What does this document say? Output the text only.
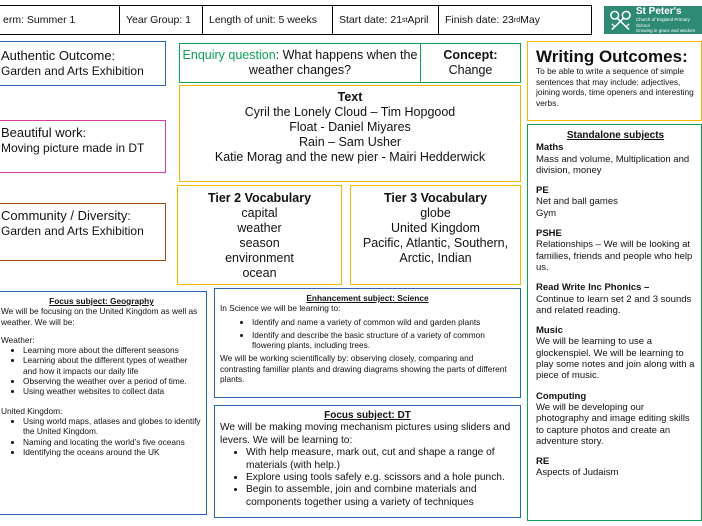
erm: Summer 1	Year Group: 1	Length of unit: 5 weeks	Start date: 21 st April Finish date: 23 rd May
St Peter's
Church of England Primary School
Growing in grace and wisdom
Authentic Outcome:
Garden and Arts Exhibition
Beautiful work:
Moving picture made in DT
Community / Diversity:
Garden and Arts Exhibition
Enquiry question: What happens when the weather changes?
Concept:
Change
Text
Cyril the Lonely Cloud – Tim Hopgood
Float - Daniel Miyares
Rain – Sam Usher
Katie Morag and the new pier - Mairi Hedderwick
Tier 2 Vocabulary
capital
weather
season
environment
ocean
Tier 3 Vocabulary
globe
United Kingdom
Pacific, Atlantic, Southern,
Arctic, Indian
Focus subject: Geography

We will be focusing on the United Kingdom as well as weather. We will be:

Weather:

• Learning more about the different seasons
• Learning about the different types of weather and how it impacts our daily life
• Observing the weather over a period of time.
• Using weather websites to collect data

United Kingdom:

• Using world maps, atlases and globes to identify the United Kingdom.
• Naming and locating the world’s five oceans
• Identifying the oceans around the UK
Enhancement subject: Science

In Science we will be learning to:

• Identify and name a variety of common wild and garden plants
• Identify and describe the basic structure of a variety of common flowering plants, including trees.

We will be working scientifically by: observing closely, comparing and contrasting familiar plants and drawing diagrams showing the parts of different plants.

Focus subject: DT

We will be making moving mechanism pictures using sliders and levers. We will be learning to:

• With help measure, mark out, cut and shape a range of materials (with help.)
• Explore using tools safely e.g. scissors and a hole punch.
• Begin to assemble, join and combine materials and components together using a variety of techniques
Writing Outcomes:
To be able to write a sequence of simple sentences that may include: adjectives, joining words, time openers and interesting verbs.
Standalone subjects
Maths

Mass and volume, Multiplication and division, money

PE

Net and ball games Gym

PSHE

Relationships – We will be looking at families, friends and people who help us.

Read Write Inc Phonics –

Continue to learn set 2 and 3 sounds and related reading.

Music

We will be learning to use a glockenspiel. We will be learning to play some notes and join along with a piece of music.

Computing

We will be developing our photography and image editing skills to capture photos and create an adventure story.

RE

Aspects of Judaism
